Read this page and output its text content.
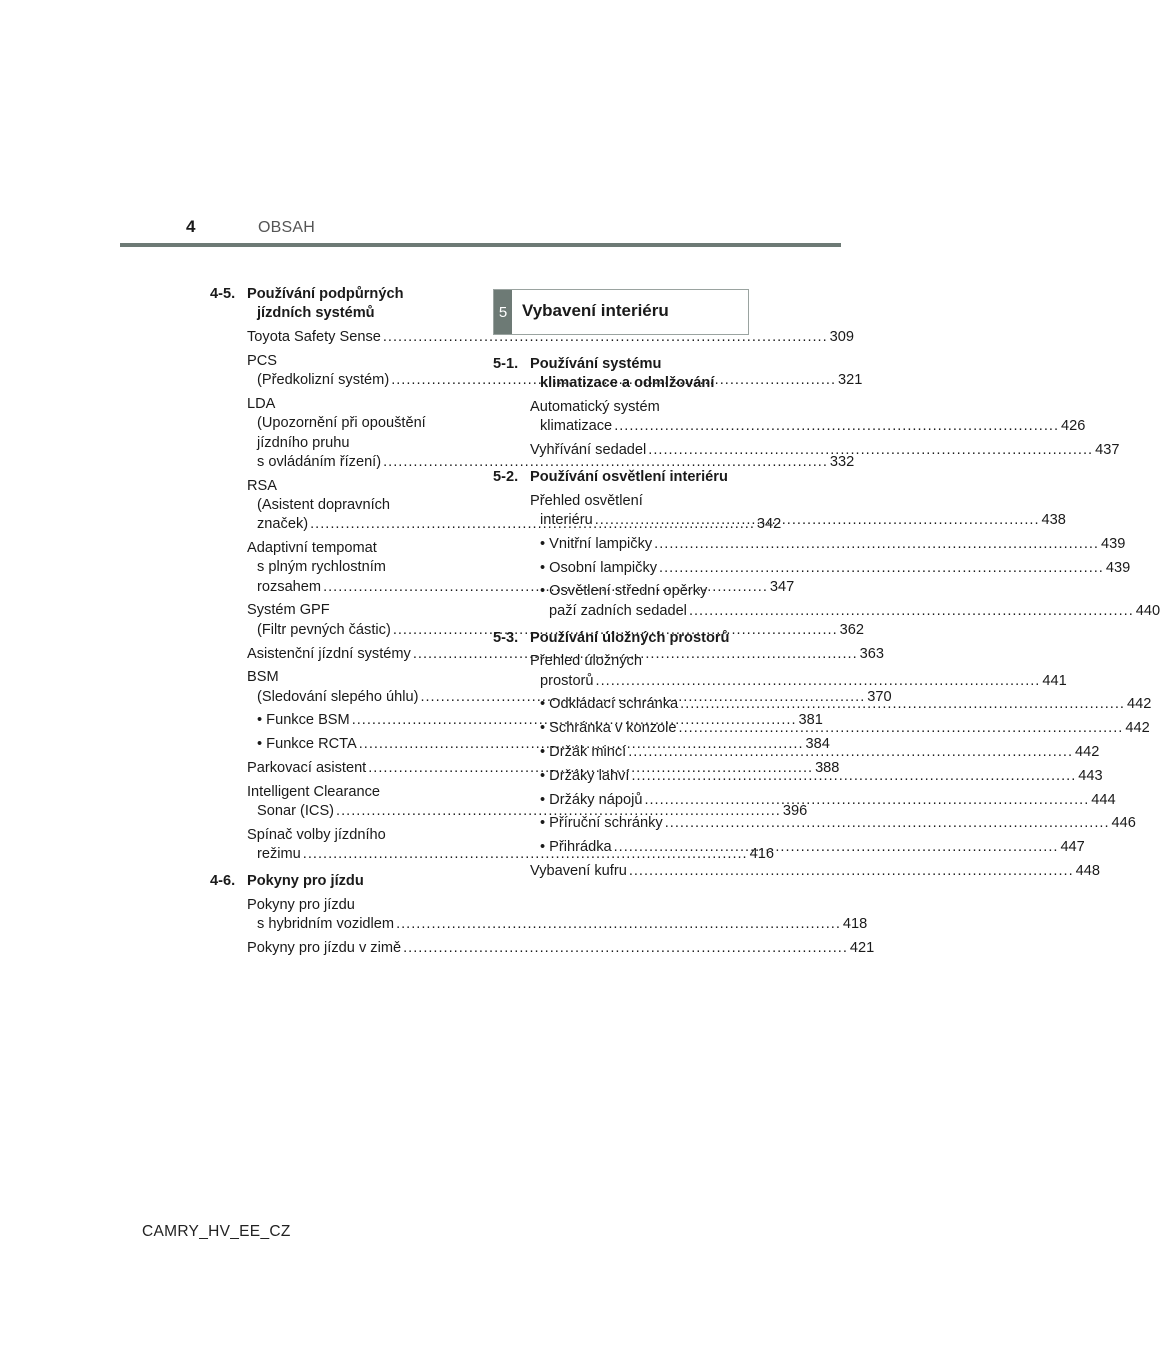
4	OBSAH
4-5. Používání podpůrných
jízdních systémů
Toyota Safety Sense .....	309
PCS
(Předkolizní systém) .....	321
LDA
(Upozornění při opouštění
jízdního pruhu
s ovládáním řízení) .....	332
RSA
(Asistent dopravních
značek) .....	342
Adaptivní tempomat
s plným rychlostním
rozsahem .....	347
Systém GPF
(Filtr pevných částic) .....	362
Asistenční jízdní systémy .....	363
BSM
(Sledování slepého úhlu) .....	370
• Funkce BSM .....	381
• Funkce RCTA .....	384
Parkovací asistent .....	388
Intelligent Clearance
Sonar (ICS) .....	396
Spínač volby jízdního
režimu .....	416
4-6. Pokyny pro jízdu
Pokyny pro jízdu
s hybridním vozidlem .....	418
Pokyny pro jízdu v zimě .....	421
5 Vybavení interiéru
5-1. Používání systému
klimatizace a odmlžování
Automatický systém
klimatizace .....	426
Vyhřívání sedadel .....	437
5-2. Používání osvětlení interiéru
Přehled osvětlení
interiéru .....	438
• Vnitřní lampičky .....	439
• Osobní lampičky .....	439
• Osvětlení střední opěrky
paží zadních sedadel .....	440
5-3. Používání úložných prostorů
Přehled úložných
prostorů .....	441
• Odkládací schránka .....	442
• Schránka v konzole .....	442
• Držák mincí .....	442
• Držáky lahví .....	443
• Držáky nápojů .....	444
• Příruční schránky .....	446
• Přihrádka .....	447
Vybavení kufru .....	448
CAMRY_HV_EE_CZ
